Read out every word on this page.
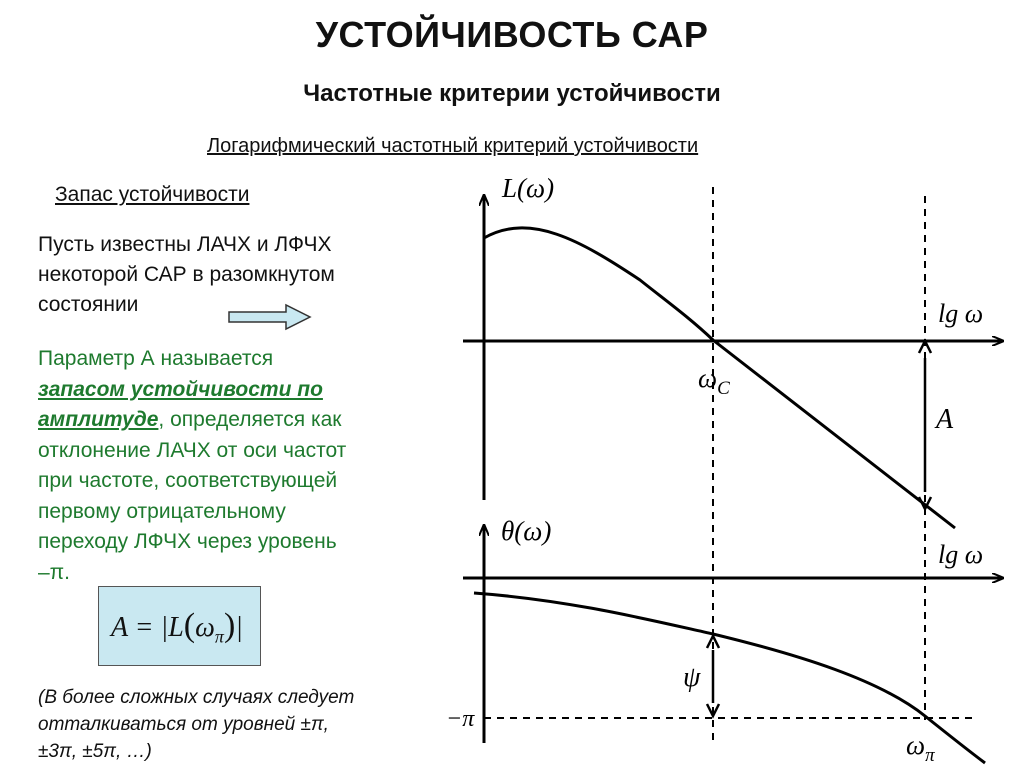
УСТОЙЧИВОСТЬ САР
Частотные критерии устойчивости
Логарифмический частотный критерий устойчивости
Запас устойчивости
Пусть известны ЛАЧХ и ЛФЧХ
некоторой САР в разомкнутом
состоянии
Параметр А называется
запасом устойчивости по
амплитуде, определяется как
отклонение ЛАЧХ от оси частот
при частоте, соответствующей
первому отрицательному
переходу ЛФЧХ через уровень
–π.
$A = |L(\omega_\pi)|$
(В более сложных случаях следует
отталкиваться от уровней ±π,
±3π, ±5π, …)
L(ω)
θ(ω)
lg ω
lg ω
$\omega_C$
A
ψ
−π
$\omega_\pi$
